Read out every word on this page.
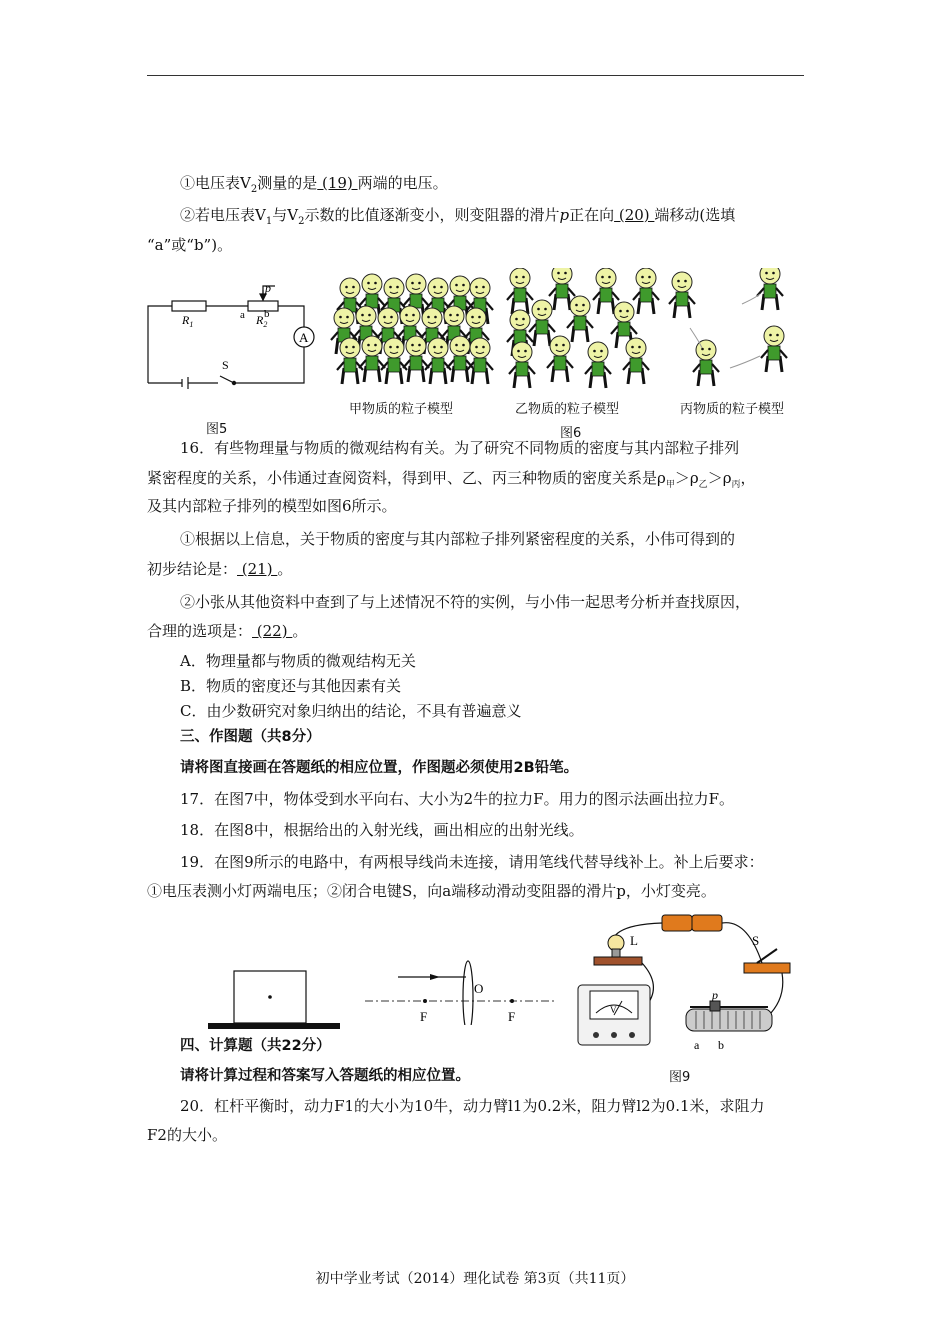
①电压表$V_2$测量的是 (19) 两端的电压。
②若电压表$V_1$与$V_2$示数的比值逐渐变小，则变阻器的滑片p正在向 (20) 端移动(选填
“a”或“b”)。
$R_1$	$R_2$
a b
p
A
S
图5
甲物质的粒子模型	乙物质的粒子模型	丙物质的粒子模型
图6
16．有些物理量与物质的微观结构有关。为了研究不同物质的密度与其内部粒子排列
紧密程度的关系，小伟通过查阅资料，得到甲、乙、丙三种物质的密度关系是$\rho_甲>\rho_乙>\rho_丙$，
及其内部粒子排列的模型如图6所示。
①根据以上信息，关于物质的密度与其内部粒子排列紧密程度的关系，小伟可得到的
初步结论是： (21) 。
②小张从其他资料中查到了与上述情况不符的实例，与小伟一起思考分析并查找原因，
合理的选项是： (22) 。
A．物理量都与物质的微观结构无关
B．物质的密度还与其他因素有关
C．由少数研究对象归纳出的结论，不具有普遍意义
三、作图题（共8分）
请将图直接画在答题纸的相应位置，作图题必须使用2B铅笔。
17．在图7中，物体受到水平向右、大小为2牛的拉力F。用力的图示法画出拉力F。
18．在图8中，根据给出的入射光线，画出相应的出射光线。
19．在图9所示的电路中，有两根导线尚未连接，请用笔线代替导线补上。补上后要求：
①电压表测小灯两端电压；②闭合电键S，向a端移动滑动变阻器的滑片p，小灯变亮。
O
F	F
L	S
V
p
a b
图9
四、计算题（共22分）
请将计算过程和答案写入答题纸的相应位置。
20．杠杆平衡时，动力F1的大小为10牛，动力臂l1为0.2米，阻力臂l2为0.1米，求阻力
F2的大小。
初中学业考试（2014）理化试卷 第3页（共11页）
